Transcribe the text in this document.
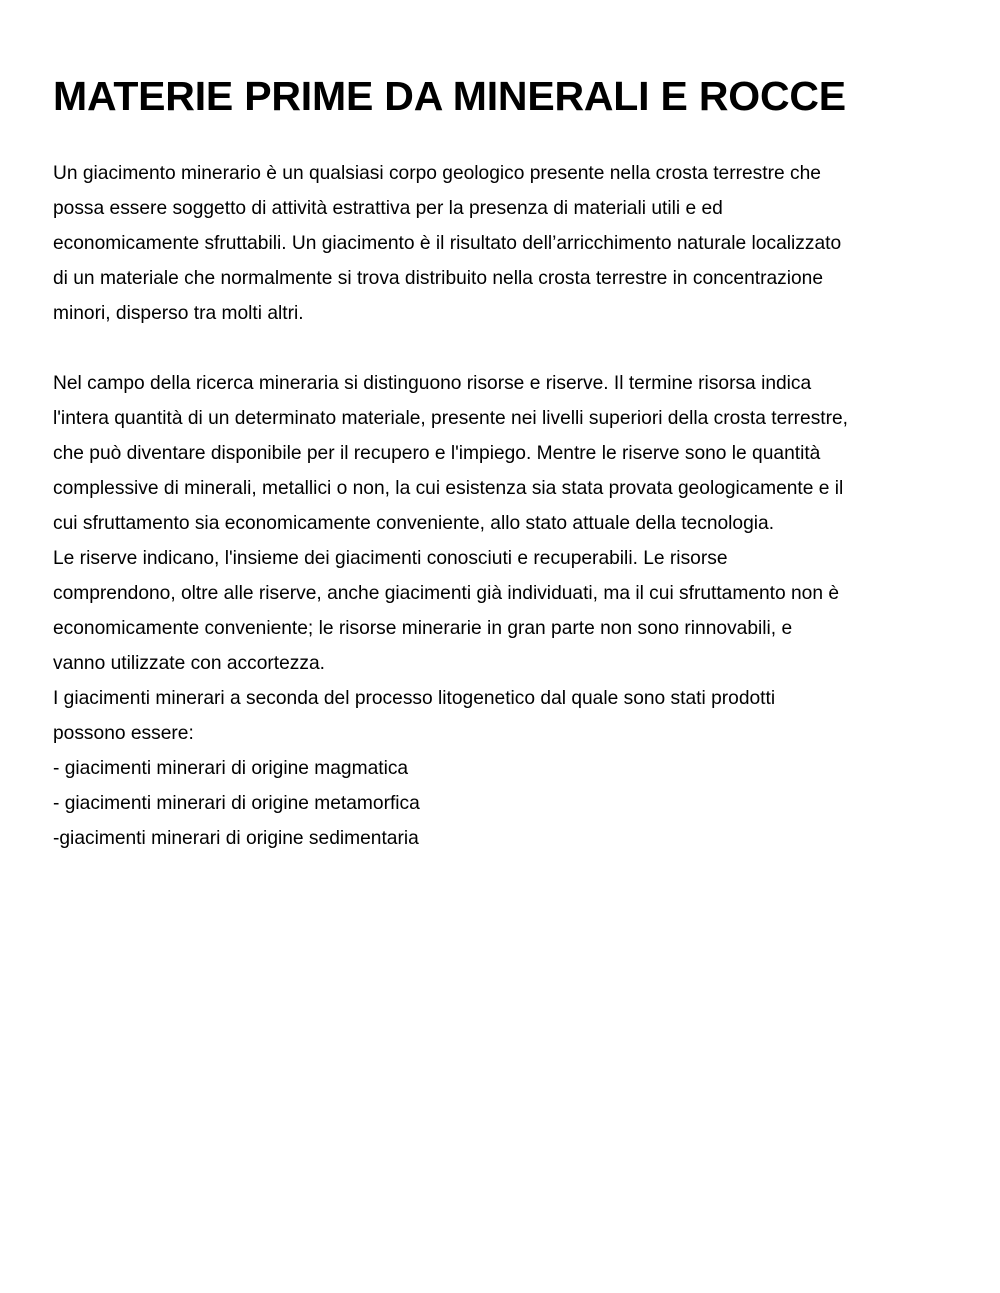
MATERIE PRIME DA MINERALI E ROCCE

Un giacimento minerario è un qualsiasi corpo geologico presente nella crosta terrestre che

possa essere soggetto di attività estrattiva per la presenza di materiali utili e ed

economicamente sfruttabili. Un giacimento è il risultato dell’arricchimento naturale localizzato

di un materiale che normalmente si trova distribuito nella crosta terrestre in concentrazione

minori, disperso tra molti altri.

Nel campo della ricerca mineraria si distinguono risorse e riserve. Il termine risorsa indica

l'intera quantità di un determinato materiale, presente nei livelli superiori della crosta terrestre,

che può diventare disponibile per il recupero e l'impiego. Mentre le riserve sono le quantità

complessive di minerali, metallici o non, la cui esistenza sia stata provata geologicamente e il

cui sfruttamento sia economicamente conveniente, allo stato attuale della tecnologia.

Le riserve indicano, l'insieme dei giacimenti conosciuti e recuperabili. Le risorse

comprendono, oltre alle riserve, anche giacimenti già individuati, ma il cui sfruttamento non è

economicamente conveniente; le risorse minerarie in gran parte non sono rinnovabili, e

vanno utilizzate con accortezza.

I giacimenti minerari a seconda del processo litogenetico dal quale sono stati prodotti

possono essere:

- giacimenti minerari di origine magmatica

- giacimenti minerari di origine metamorfica

-giacimenti minerari di origine sedimentaria
